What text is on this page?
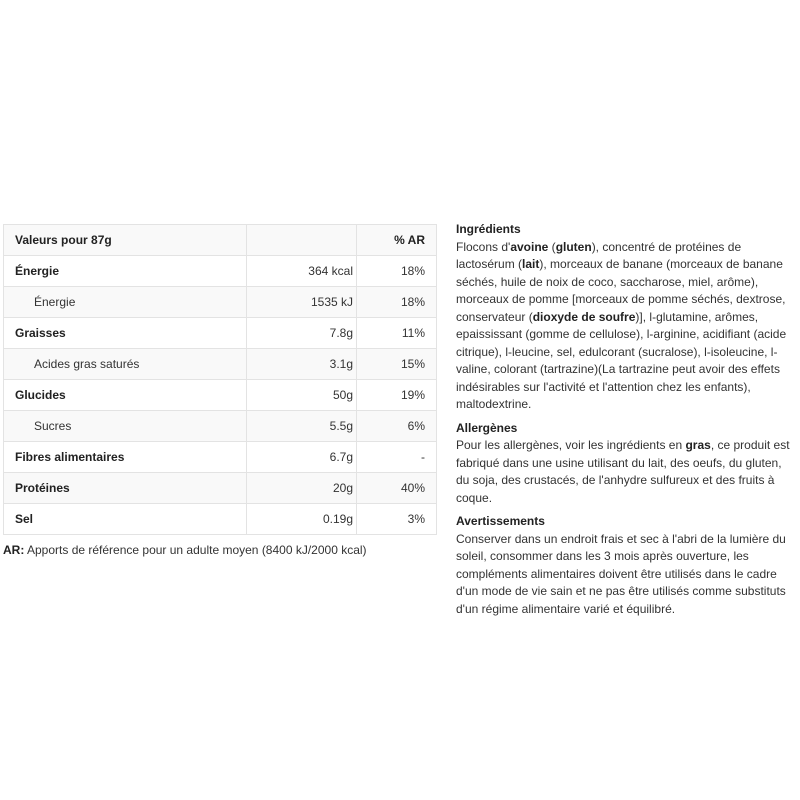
Valeurs pour 87g		% AR
Énergie	364 kcal	18%
Énergie	1535 kJ	18%
Graisses	7.8g	11%
Acides gras saturés	3.1g	15%
Glucides	50g	19%
Sucres	5.5g	6%
Fibres alimentaires	6.7g	-
Protéines	20g	40%
Sel	0.19g	3%
AR: Apports de référence pour un adulte moyen (8400 kJ/2000 kcal)
Ingrédients

Flocons d'avoine (gluten), concentré de protéines de lactosérum (lait), morceaux de banane (morceaux de banane séchés, huile de noix de coco, saccharose, miel, arôme), morceaux de pomme [morceaux de pomme séchés, dextrose, conservateur (dioxyde de soufre)], l-glutamine, arômes, epaississant (gomme de cellulose), l-arginine, acidifiant (acide citrique), l-leucine, sel, edulcorant (sucralose), l-isoleucine, l-valine, colorant (tartrazine)(La tartrazine peut avoir des effets indésirables sur l'activité et l'attention chez les enfants), maltodextrine.

Allergènes

Pour les allergènes, voir les ingrédients en gras, ce produit est fabriqué dans une usine utilisant du lait, des oeufs, du gluten, du soja, des crustacés, de l'anhydre sulfureux et des fruits à coque.

Avertissements

Conserver dans un endroit frais et sec à l'abri de la lumière du soleil, consommer dans les 3 mois après ouverture, les compléments alimentaires doivent être utilisés dans le cadre d'un mode de vie sain et ne pas être utilisés comme substituts d'un régime alimentaire varié et équilibré.
